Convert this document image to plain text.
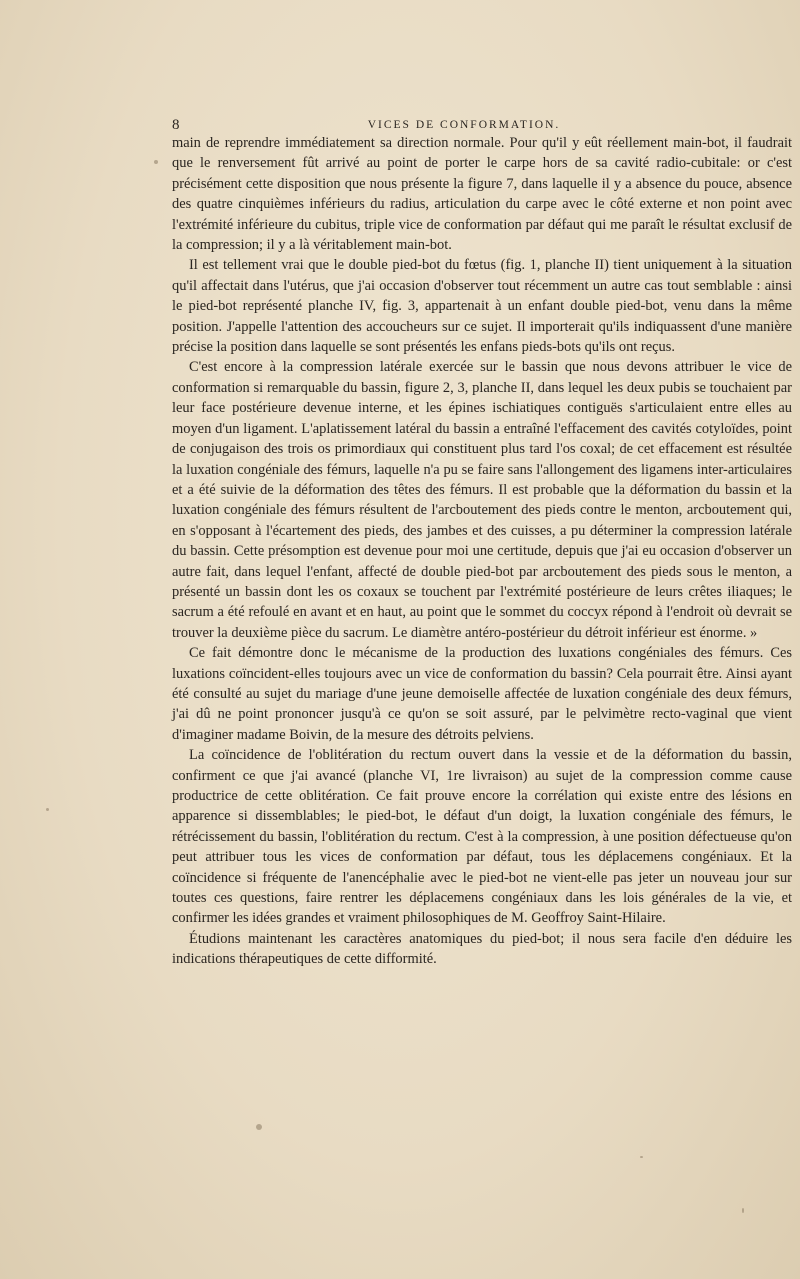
8	VICES DE CONFORMATION.

main de reprendre immédiatement sa direction normale. Pour qu'il y eût réellement main-bot, il faudrait que le renversement fût arrivé au point de porter le carpe hors de sa cavité radio-cubitale: or c'est précisément cette disposition que nous présente la figure 7, dans laquelle il y a absence du pouce, absence des quatre cinquièmes inférieurs du radius, articulation du carpe avec le côté externe et non point avec l'extrémité inférieure du cubitus, triple vice de conformation par défaut qui me paraît le résultat exclusif de la compression; il y a là véritablement main-bot.

Il est tellement vrai que le double pied-bot du fœtus (fig. 1, planche II) tient uniquement à la situation qu'il affectait dans l'utérus, que j'ai occasion d'observer tout récemment un autre cas tout semblable : ainsi le pied-bot représenté planche IV, fig. 3, appartenait à un enfant double pied-bot, venu dans la même position. J'appelle l'attention des accoucheurs sur ce sujet. Il importerait qu'ils indiquassent d'une manière précise la position dans laquelle se sont présentés les enfans pieds-bots qu'ils ont reçus.

C'est encore à la compression latérale exercée sur le bassin que nous devons attribuer le vice de conformation si remarquable du bassin, figure 2, 3, planche II, dans lequel les deux pubis se touchaient par leur face postérieure devenue interne, et les épines ischiatiques contiguës s'articulaient entre elles au moyen d'un ligament. L'aplatissement latéral du bassin a entraîné l'effacement des cavités cotyloïdes, point de conjugaison des trois os primordiaux qui constituent plus tard l'os coxal; de cet effacement est résultée la luxation congéniale des fémurs, laquelle n'a pu se faire sans l'allongement des ligamens inter-articulaires et a été suivie de la déformation des têtes des fémurs. Il est probable que la déformation du bassin et la luxation congéniale des fémurs résultent de l'arcboutement des pieds contre le menton, arcboutement qui, en s'opposant à l'écartement des pieds, des jambes et des cuisses, a pu déterminer la compression latérale du bassin. Cette présomption est devenue pour moi une certitude, depuis que j'ai eu occasion d'observer un autre fait, dans lequel l'enfant, affecté de double pied-bot par arcboutement des pieds sous le menton, a présenté un bassin dont les os coxaux se touchent par l'extrémité postérieure de leurs crêtes iliaques; le sacrum a été refoulé en avant et en haut, au point que le sommet du coccyx répond à l'endroit où devrait se trouver la deuxième pièce du sacrum. Le diamètre antéro-postérieur du détroit inférieur est énorme. »

Ce fait démontre donc le mécanisme de la production des luxations congéniales des fémurs. Ces luxations coïncident-elles toujours avec un vice de conformation du bassin? Cela pourrait être. Ainsi ayant été consulté au sujet du mariage d'une jeune demoiselle affectée de luxation congéniale des deux fémurs, j'ai dû ne point prononcer jusqu'à ce qu'on se soit assuré, par le pelvimètre recto-vaginal que vient d'imaginer madame Boivin, de la mesure des détroits pelviens.

La coïncidence de l'oblitération du rectum ouvert dans la vessie et de la déformation du bassin, confirment ce que j'ai avancé (planche VI, 1re livraison) au sujet de la compression comme cause productrice de cette oblitération. Ce fait prouve encore la corrélation qui existe entre des lésions en apparence si dissemblables; le pied-bot, le défaut d'un doigt, la luxation congéniale des fémurs, le rétrécissement du bassin, l'oblitération du rectum. C'est à la compression, à une position défectueuse qu'on peut attribuer tous les vices de conformation par défaut, tous les déplacemens congéniaux. Et la coïncidence si fréquente de l'anencéphalie avec le pied-bot ne vient-elle pas jeter un nouveau jour sur toutes ces questions, faire rentrer les déplacemens congéniaux dans les lois générales de la vie, et confirmer les idées grandes et vraiment philosophiques de M. Geoffroy Saint-Hilaire.

Étudions maintenant les caractères anatomiques du pied-bot; il nous sera facile d'en déduire les indications thérapeutiques de cette difformité.
